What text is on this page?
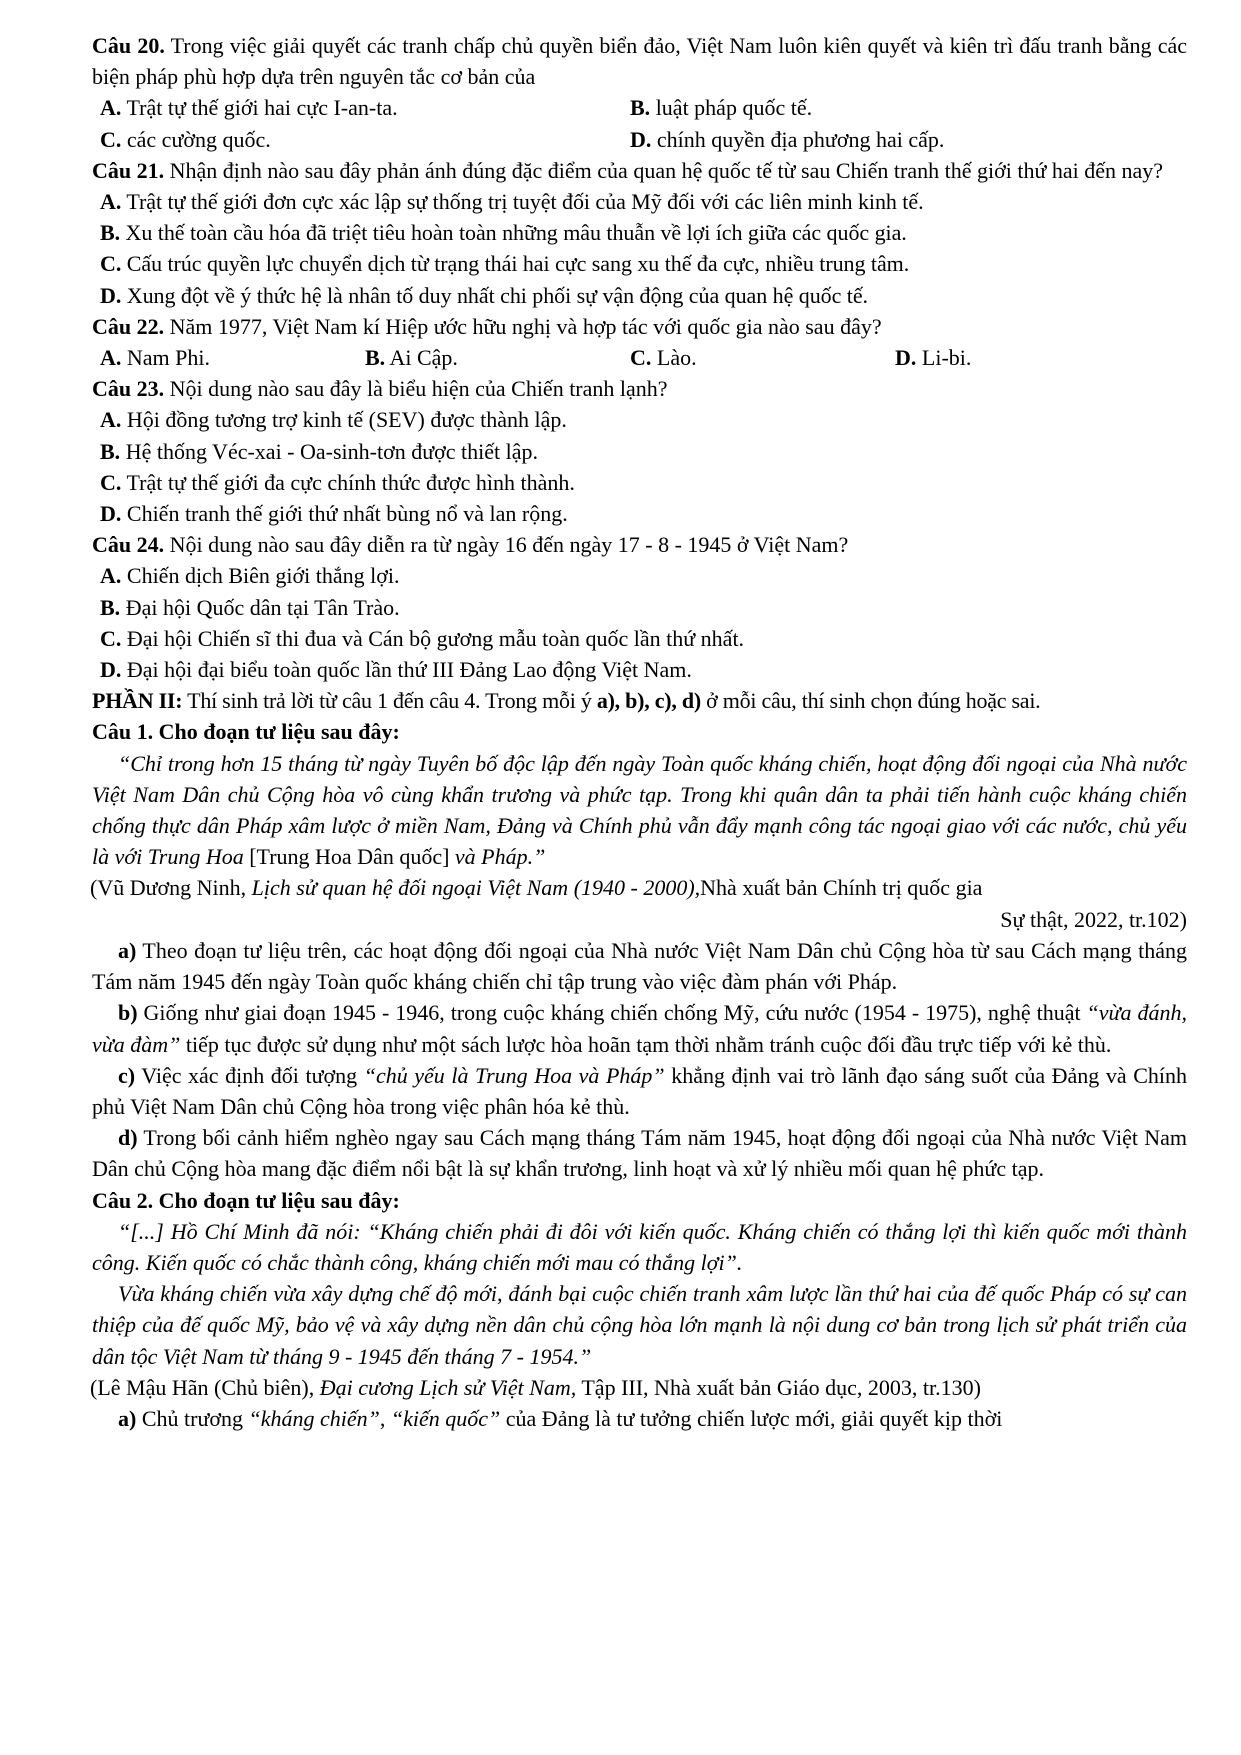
Câu 20. Trong việc giải quyết các tranh chấp chủ quyền biển đảo, Việt Nam luôn kiên quyết và kiên trì đấu tranh bằng các biện pháp phù hợp dựa trên nguyên tắc cơ bản của

A. Trật tự thế giới hai cực I-an-ta.	B. luật pháp quốc tế.
C. các cường quốc.	D. chính quyền địa phương hai cấp.

Câu 21. Nhận định nào sau đây phản ánh đúng đặc điểm của quan hệ quốc tế từ sau Chiến tranh thế giới thứ hai đến nay?

A. Trật tự thế giới đơn cực xác lập sự thống trị tuyệt đối của Mỹ đối với các liên minh kinh tế.

B. Xu thế toàn cầu hóa đã triệt tiêu hoàn toàn những mâu thuẫn về lợi ích giữa các quốc gia.

C. Cấu trúc quyền lực chuyển dịch từ trạng thái hai cực sang xu thế đa cực, nhiều trung tâm.

D. Xung đột về ý thức hệ là nhân tố duy nhất chi phối sự vận động của quan hệ quốc tế.

Câu 22. Năm 1977, Việt Nam kí Hiệp ước hữu nghị và hợp tác với quốc gia nào sau đây?

A. Nam Phi.	B. Ai Cập.	C. Lào.	D. Li-bi.

Câu 23. Nội dung nào sau đây là biểu hiện của Chiến tranh lạnh?

A. Hội đồng tương trợ kinh tế (SEV) được thành lập.

B. Hệ thống Véc-xai - Oa-sinh-tơn được thiết lập.

C. Trật tự thế giới đa cực chính thức được hình thành.

D. Chiến tranh thế giới thứ nhất bùng nổ và lan rộng.

Câu 24. Nội dung nào sau đây diễn ra từ ngày 16 đến ngày 17 - 8 - 1945 ở Việt Nam?

A. Chiến dịch Biên giới thắng lợi.

B. Đại hội Quốc dân tại Tân Trào.

C. Đại hội Chiến sĩ thi đua và Cán bộ gương mẫu toàn quốc lần thứ nhất.

D. Đại hội đại biểu toàn quốc lần thứ III Đảng Lao động Việt Nam.

PHẦN II: Thí sinh trả lời từ câu 1 đến câu 4. Trong mỗi ý a), b), c), d) ở mỗi câu, thí sinh chọn đúng hoặc sai.

Câu 1. Cho đoạn tư liệu sau đây:

“Chỉ trong hơn 15 tháng từ ngày Tuyên bố độc lập đến ngày Toàn quốc kháng chiến, hoạt động đối ngoại của Nhà nước Việt Nam Dân chủ Cộng hòa vô cùng khẩn trương và phức tạp. Trong khi quân dân ta phải tiến hành cuộc kháng chiến chống thực dân Pháp xâm lược ở miền Nam, Đảng và Chính phủ vẫn đẩy mạnh công tác ngoại giao với các nước, chủ yếu là với Trung Hoa [Trung Hoa Dân quốc] và Pháp.”

(Vũ Dương Ninh, Lịch sử quan hệ đối ngoại Việt Nam (1940 - 2000),Nhà xuất bản Chính trị quốc gia

Sự thật, 2022, tr.102)

a) Theo đoạn tư liệu trên, các hoạt động đối ngoại của Nhà nước Việt Nam Dân chủ Cộng hòa từ sau Cách mạng tháng Tám năm 1945 đến ngày Toàn quốc kháng chiến chỉ tập trung vào việc đàm phán với Pháp.

b) Giống như giai đoạn 1945 - 1946, trong cuộc kháng chiến chống Mỹ, cứu nước (1954 - 1975), nghệ thuật “vừa đánh, vừa đàm” tiếp tục được sử dụng như một sách lược hòa hoãn tạm thời nhằm tránh cuộc đối đầu trực tiếp với kẻ thù.

c) Việc xác định đối tượng “chủ yếu là Trung Hoa và Pháp” khẳng định vai trò lãnh đạo sáng suốt của Đảng và Chính phủ Việt Nam Dân chủ Cộng hòa trong việc phân hóa kẻ thù.

d) Trong bối cảnh hiểm nghèo ngay sau Cách mạng tháng Tám năm 1945, hoạt động đối ngoại của Nhà nước Việt Nam Dân chủ Cộng hòa mang đặc điểm nổi bật là sự khẩn trương, linh hoạt và xử lý nhiều mối quan hệ phức tạp.

Câu 2. Cho đoạn tư liệu sau đây:

“[...] Hồ Chí Minh đã nói: “Kháng chiến phải đi đôi với kiến quốc. Kháng chiến có thắng lợi thì kiến quốc mới thành công. Kiến quốc có chắc thành công, kháng chiến mới mau có thắng lợi”.

Vừa kháng chiến vừa xây dựng chế độ mới, đánh bại cuộc chiến tranh xâm lược lần thứ hai của đế quốc Pháp có sự can thiệp của đế quốc Mỹ, bảo vệ và xây dựng nền dân chủ cộng hòa lớn mạnh là nội dung cơ bản trong lịch sử phát triển của dân tộc Việt Nam từ tháng 9 - 1945 đến tháng 7 - 1954.”

(Lê Mậu Hãn (Chủ biên), Đại cương Lịch sử Việt Nam, Tập III, Nhà xuất bản Giáo dục, 2003, tr.130)

a) Chủ trương “kháng chiến”, “kiến quốc” của Đảng là tư tưởng chiến lược mới, giải quyết kịp thời
